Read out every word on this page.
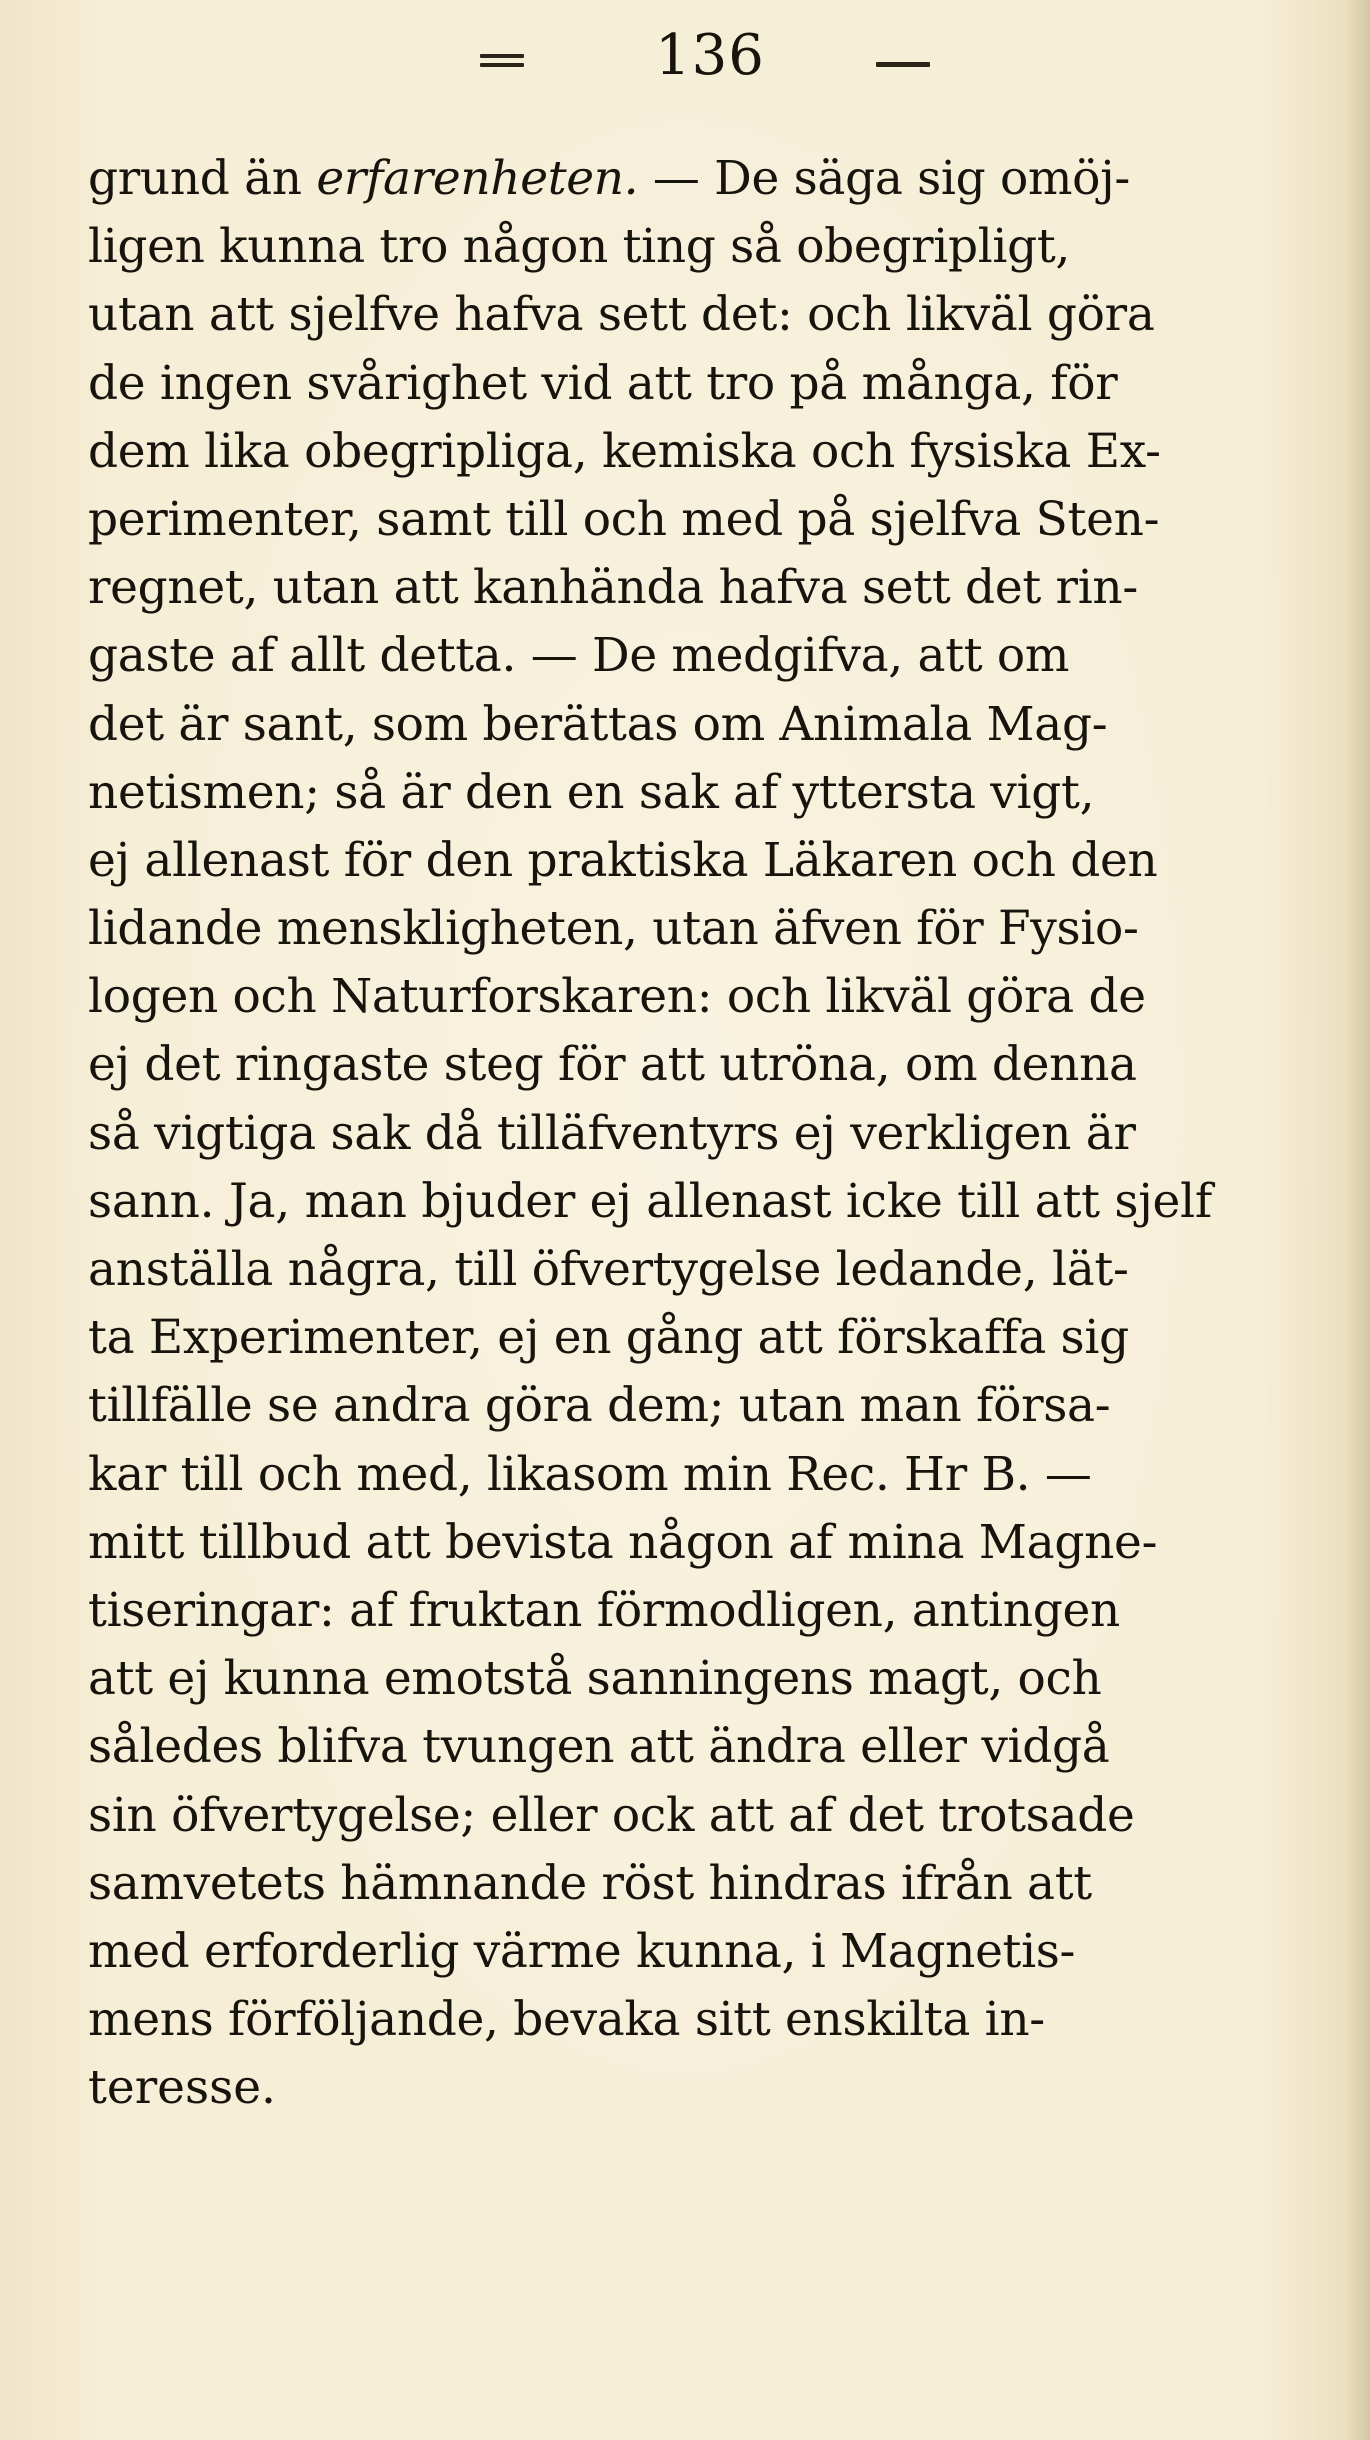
136
grund än erfarenheten. — De säga sig omöj-
ligen kunna tro någon ting så obegripligt,
utan att sjelfve hafva sett det: och likväl göra
de ingen svårighet vid att tro på många, för
dem lika obegripliga, kemiska och fysiska Ex-
perimenter, samt till och med på sjelfva Sten-
regnet, utan att kanhända hafva sett det rin-
gaste af allt detta. — De medgifva, att om
det är sant, som berättas om Animala Mag-
netismen; så är den en sak af yttersta vigt,
ej allenast för den praktiska Läkaren och den
lidande menskligheten, utan äfven för Fysio-
logen och Naturforskaren: och likväl göra de
ej det ringaste steg för att utröna, om denna
så vigtiga sak då tilläfventyrs ej verkligen är
sann. Ja, man bjuder ej allenast icke till att sjelf
anställa några, till öfvertygelse ledande, lät-
ta Experimenter, ej en gång att förskaffa sig
tillfälle se andra göra dem; utan man försa-
kar till och med, likasom min Rec. Hr B. —
mitt tillbud att bevista någon af mina Magne-
tiseringar: af fruktan förmodligen, antingen
att ej kunna emotstå sanningens magt, och
således blifva tvungen att ändra eller vidgå
sin öfvertygelse; eller ock att af det trotsade
samvetets hämnande röst hindras ifrån att
med erforderlig värme kunna, i Magnetis-
mens förföljande, bevaka sitt enskilta in-
teresse.
